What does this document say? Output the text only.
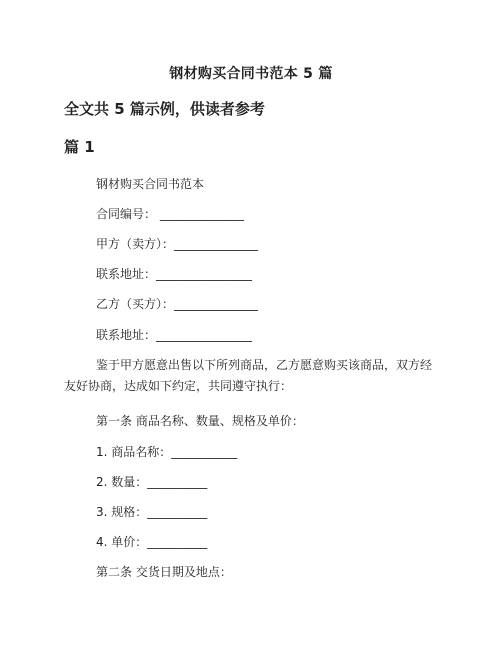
钢材购买合同书范本 5 篇
全文共 5 篇示例，供读者参考
篇 1
钢材购买合同书范本
合同编号： ______________
甲方（卖方）：______________
联系地址：________________
乙方（买方）：______________
联系地址：________________
鉴于甲方愿意出售以下所列商品，乙方愿意购买该商品，双方经友好协商，达成如下约定，共同遵守执行：
第一条 商品名称、数量、规格及单价：
1. 商品名称：___________
2. 数量：__________
3. 规格：__________
4. 单价：__________
第二条 交货日期及地点：
